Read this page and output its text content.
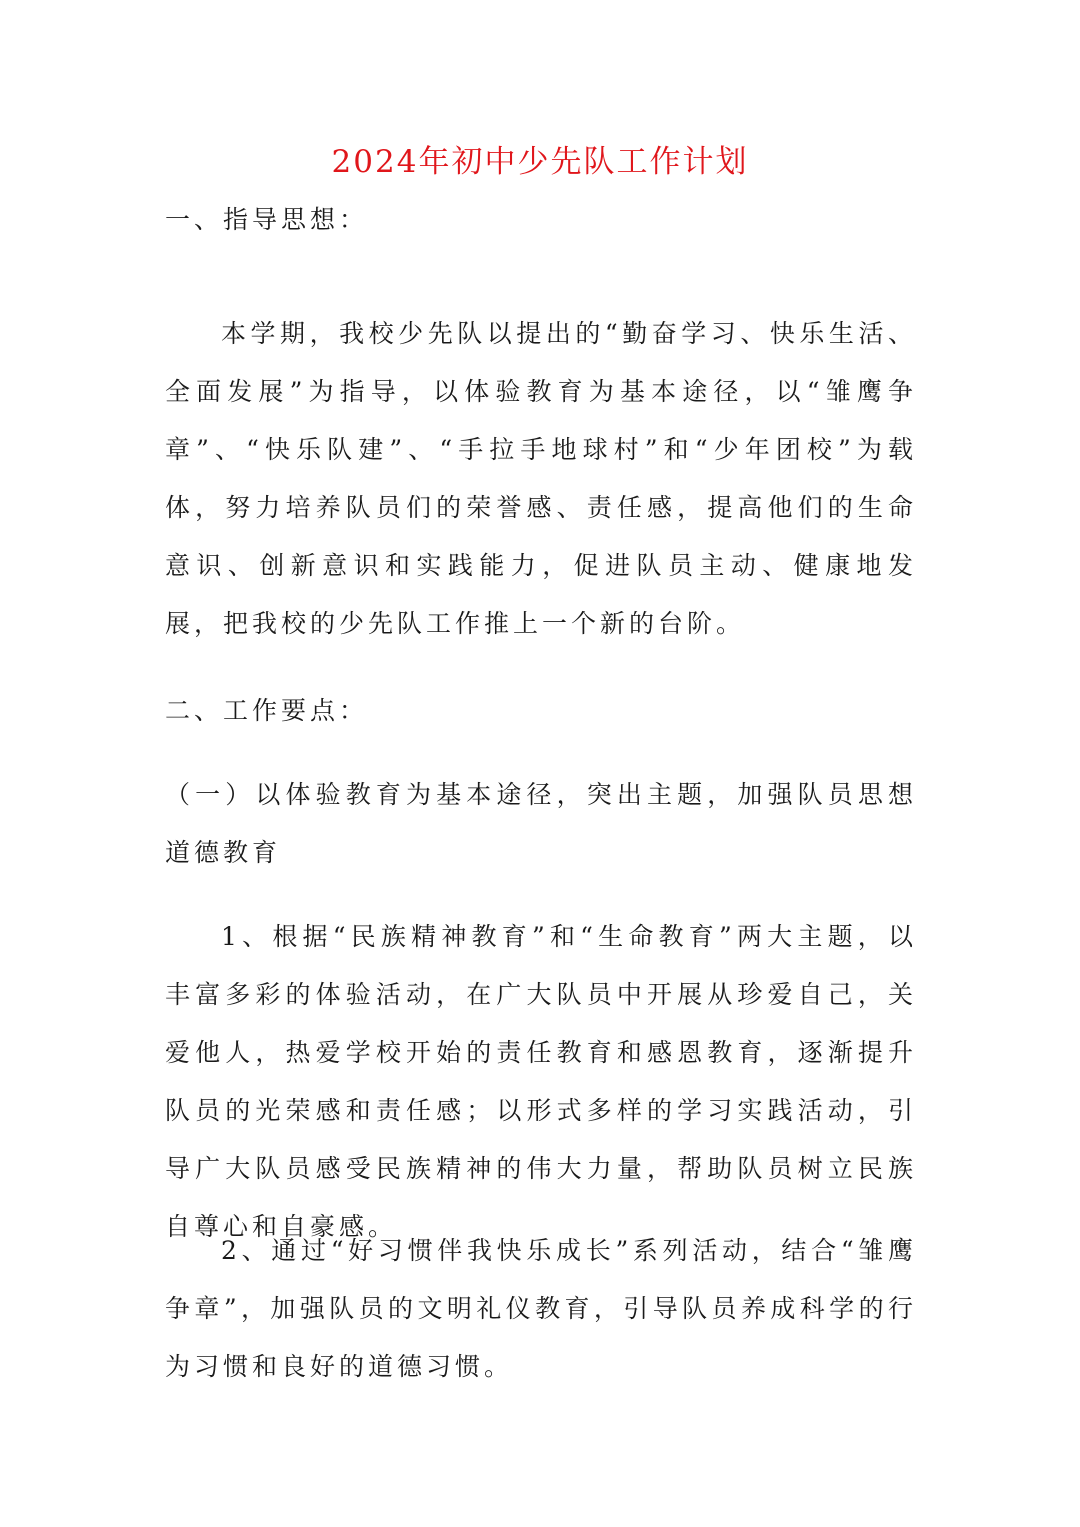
2024年初中少先队工作计划

一、指导思想：

本学期，我校少先队以提出的“勤奋学习、快乐生活、全面发展”为指导，以体验教育为基本途径，以“雏鹰争章”、“快乐队建”、“手拉手地球村”和“少年团校”为载体，努力培养队员们的荣誉感、责任感，提高他们的生命意识、创新意识和实践能力，促进队员主动、健康地发展，把我校的少先队工作推上一个新的台阶。

二、工作要点：

（一）以体验教育为基本途径，突出主题，加强队员思想道德教育

1、根据“民族精神教育”和“生命教育”两大主题，以丰富多彩的体验活动，在广大队员中开展从珍爱自己，关爱他人，热爱学校开始的责任教育和感恩教育，逐渐提升队员的光荣感和责任感；以形式多样的学习实践活动，引导广大队员感受民族精神的伟大力量，帮助队员树立民族自尊心和自豪感。

2、通过“好习惯伴我快乐成长”系列活动，结合“雏鹰争章”，加强队员的文明礼仪教育，引导队员养成科学的行为习惯和良好的道德习惯。
